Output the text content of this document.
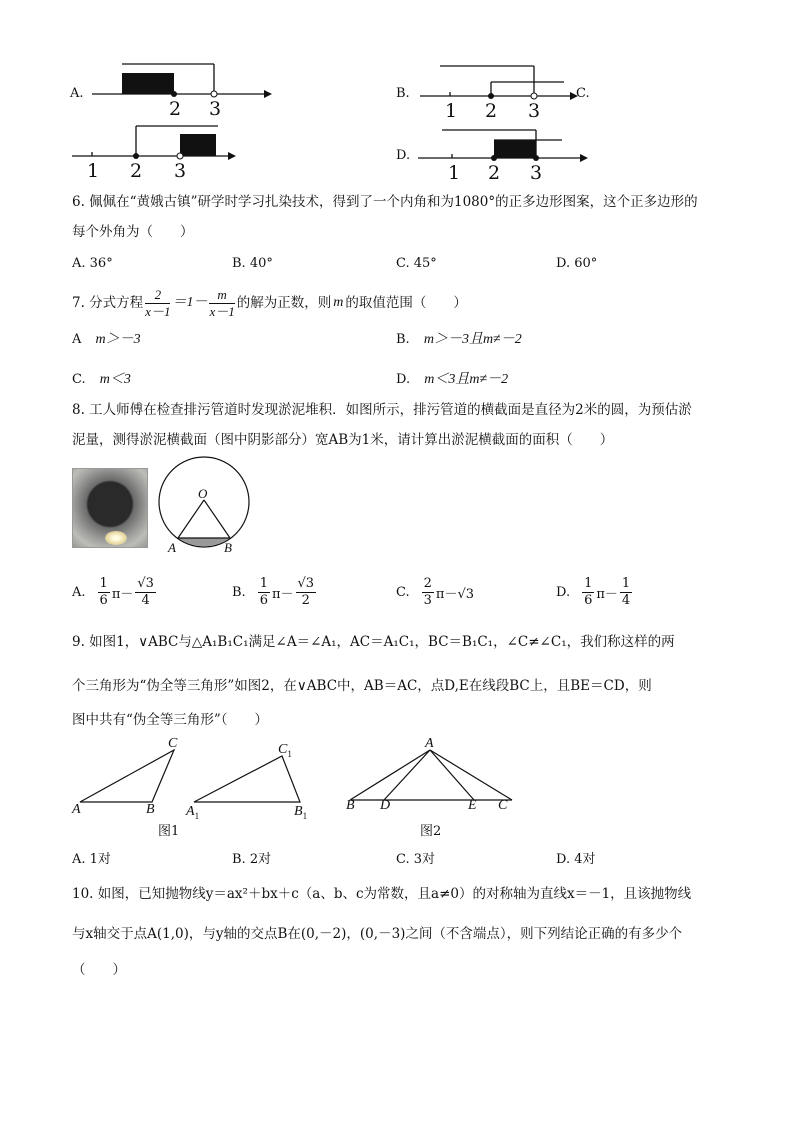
A.
2 3
B.
1 2 3
C.
1 2 3
D.
1 2 3
6. 佩佩在“黄娥古镇”研学时学习扎染技术，得到了一个内角和为1080°的正多边形图案，这个正多边形的
每个外角为（　　）
A. 36°	B. 40°	C. 45°	D. 60°
7. 分式方程 $\frac{2}{x-1} =1- \frac{m}{x-1}$ 的解为正数，则 m 的取值范围（　　）
A m＞－3	B. m＞－3且m≠－2
C. m＜3	D. m＜3且m≠－2
8. 工人师傅在检查排污管道时发现淤泥堆积．如图所示，排污管道的横截面是直径为2米的圆，为预估淤
泥量，测得淤泥横截面（图中阴影部分）宽AB为1米，请计算出淤泥横截面的面积（　　）
O
A	B
A. $\frac{1}{6} \pi- \frac{√3}{4}$	B. $\frac{1}{6} \pi- \frac{√3}{2}$	C. $\frac{2}{3} \pi-√3$	D. $\frac{1}{6} \pi- \frac{1}{4}$
9. 如图1，∨ABC与△A₁B₁C₁满足∠A＝∠A₁，AC＝A₁C₁，BC＝B₁C₁，∠C≠∠C₁，我们称这样的两
个三角形为“伪全等三角形”如图2，在∨ABC中，AB＝AC，点D,E在线段BC上，且BE＝CD，则
图中共有“伪全等三角形”（　　）
C
A	B
$C_1$
$A_1$	$B_1$
图1
A
B D	E C
图2
A. 1对	B. 2对	C. 3对	D. 4对
10. 如图，已知抛物线y＝ax²＋bx＋c（a、b、c为常数，且a≠0）的对称轴为直线x＝－1，且该抛物线
与x轴交于点A(1,0)，与y轴的交点B在(0,－2)，(0,－3)之间（不含端点），则下列结论正确的有多少个
（　　）
